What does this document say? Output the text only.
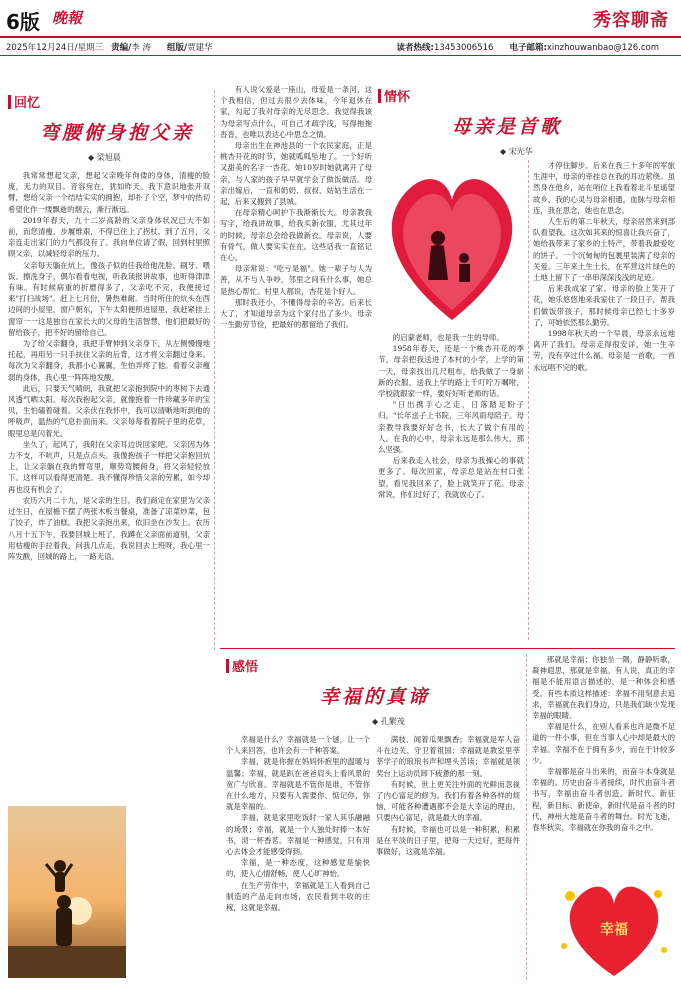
6版 晚報	秀容聊斋
2025年12月24日/星期三 责编/李 涛	组版/贾建华	读者热线:13453006516	电子邮箱:xinzhouwanbao@126.com
回忆
弯腰俯身抱父亲
◆ 梁旭晨

我常常想起父亲，想起父亲晚年佝偻的身体，清瘦的脸庞，无力的双目。音容宛在，犹如昨天。我下意识地张开双臂，想给父亲一个结结实实的拥抱，却扑了个空，梦中的热切希望化作一缕飘逝的烟云，渐行渐远。

2019年春天，九十二岁高龄的父亲身体状况已大不如前，而您清瘦，步履维艰，不得已住上了拐杖。到了五月，父亲连走出家门的力气都没有了。我向单位请了假，回到村里照顾父亲，以减轻母亲的压力。

父亲每天躺在炕上，像孩子似的任我给他洗脸、刷牙、喂饭、擦洗身子，偶尔看看电视，听我读报讲故事，也听得津津有味。有时候病重的折磨得多了，父亲吃不完，我便接过来"打扫战场"。赶上七月份，暑热难耐。当时所住的炕头在西边间的小屋里，窗户朝东，下午太阳便照进屋里，我赶紧挂上窗帘一一这是独自在家长大的父母的生活智慧，他们把最好的留给孩子，把不好的留给自己。

为了给父亲翻身，我把手臂伸到父亲身下，从左侧慢慢地托起，再用另一只手扶住父亲的后背，这才将父亲翻过身来。每次为父亲翻身，我都小心翼翼，生怕弄疼了他。看着父亲瘦弱的身体，我心里一阵阵地发酸。

此后，只要天气晴朗，我就把父亲抱到院中的枣树下去通风透气晒太阳。每次我抱起父亲，就像抱着一件珍藏多年的宝贝，生怕磕着碰着。父亲伏在我怀中，我可以清晰地听到他的呼吸声，温热的气息扑面而来。父亲每每看着院子里的花草，眼里总是闪着光。

坐久了，起风了，我附在父亲耳边说回家吧。父亲因为体力不支，不吭声，只是点点头。我像抱孩子一样把父亲抱回炕上，让父亲躺在我的臂弯里，顺势弯腰俯身，将父亲轻轻放下。这样可以看得更清楚。我不懂得珍惜父亲的劳累，如今却再也没有机会了。

农历六月二十九，是父亲的生日。我们商定在家里为父亲过生日，在屋檐下摆了两张木板当餐桌，准备了凉菜炒菜，包了饺子，炸了油糕。我把父亲抱出来，依旧坐在沙发上。农历八月十五下午，我要回城上班了，我蹲在父亲面前道别，父亲用枯瘦的手拉着我，问我几点走，我说回去上班呀，我心里一阵发酸，回城的路上，一路无语。

有人说父爱是一座山，母爱是一条河，这个我相信，但过去很少去体味。今年退休在家，勾起了我对母亲的无尽思念。我觉得我该为母亲写点什么，可自己才疏学浅，写得拖拖沓沓，也唯以表达心中思念之情。

母亲出生在神池县的一个农民家庭，正是桃杏开花的时节，她就呱呱坠地了。一个好听又甜美的名字一杏花。她10岁时她就离开了母亲，与人家的孩子早早就学会了做饭做活。母亲出嫁后，一直和奶奶、叔叔、姑姑生活在一起，后来又搬到了县城。

在母亲精心呵护下我渐渐长大。母亲教我写字，给我讲故事，给我买新衣服，尤其过年的时候，母亲总会给我做新衣。母亲说，人要有骨气，做人要实实在在。这些话我一直铭记在心。

母亲常说："吃亏是福"。她一辈子与人为善，从不与人争吵，邻里之间有什么事，她总是热心帮忙。村里人都说，杏花是个好人。

那时我还小，不懂得母亲的辛苦。后来长大了，才知道母亲为这个家付出了多少。母亲一生勤劳节俭，把最好的都留给了我们。

情怀
母亲是首歌
◆ 宋光华

的启蒙老师，也是我一生的导师。

1958年春天，还是一个桃杏开花的季节，母亲把我送进了本村的小学，上学的第一天，母亲找出几尺粗布，给我做了一身崭新的衣服，送我上学的路上千叮咛万嘱咐，学校就跟家一样，要好好听老师的话。

"日出携手心之走，日落踏足盼子归。"长年送子上书院，三年风雨母陪子。母亲教导我要好好念书，长大了做个有用的人。在我的心中，母亲永远是那么伟大，那么坚强。

后来我走入社会，母亲为我操心的事就更多了。每次回家，母亲总是站在村口张望，看见我回来了，脸上就笑开了花。母亲常说，你们过好了，我就放心了。

才停住脚步。后来在我三十多年的军旅生涯中，母亲的牵挂总在我的耳边萦绕。虽然身在他乡，站在哨位上我看着北斗星遥望故乡，我的心灵与母亲相通，血脉与母亲相连，我在思念，她也在思念。

人生后的第二年秋天，母亲居然来到部队看望我。这次如其来的惊喜让我兴奋了，她给我带来了家乡的土特产，带着我最爱吃的饼子。一个沉甸甸的包裹里装满了母亲的关爱。三年来土生土长，在军营这片绿色的土地上留下了一串串深深浅浅的足迹。

后来我成家了家。母亲的脸上笑开了花，她乐悠悠地来我家住了一段日子，帮我们做饭带孩子，那时候母亲已经七十多岁了，可她依然那么勤劳。

1998年秋天的一个早晨，母亲永远地离开了我们。母亲走得很安详，她一生辛劳，没有享过什么福。母亲是一首歌，一首永远唱不完的歌。

感悟
幸福的真谛
◆ 孔繁茂

幸福是什么？幸福就是一个谜，让一个个人来回答，也许会有一千种答案。

幸福，就是你握在妈妈怀抱里的温暖与温馨；幸福，就是趴在爸爸肩头上看风景的宽广与欣喜。幸福就是不管你是谁，不管你在什么地方，只要有人需要你、惦记你，你就是幸福的。

幸福，就是家里吃饭时一家人其乐融融的场景；幸福，就是一个人独处时捧一本好书，沏一杯香茗。幸福是一种感觉，只有用心去体会才能感受得到。

幸福，是一种态度，这种感觉是愉快的，使人心情舒畅，使人心旷神怡。

在生产劳作中，幸福就是工人看到自己制造的产品走向市场，农民看到丰收的庄稼，这就是幸福。

满枝、闻着瓜果飘香；幸福就是军人奋斗在边关、守卫着祖国；幸福就是教室里莘莘学子的琅琅书声和埋头苦读；幸福就是领奖台上运动员卸下疲惫的那一刻。

有时候，世上更关注外面的光鲜而忽视了内心富足的修为。我们有着各种各样的烦恼，可能各种遭遇都不会是大幸运的理由。只要内心富足，就是最大的幸福。

有时候，幸福也可以是一种积累，积累是在平淡的日子里，把每一天过好，把每件事做好，这就是幸福。

那就是幸福；你独坐一隅，静静听歌，凝神遐思，那就是幸福。有人说，真正的幸福是不能用语言描述的，是一种体会和感受。有些本质这样描述：幸福不用刻意去追求，幸福就在我们身边，只是我们缺少发现幸福的眼睛。

幸福是什么，在别人看来也许是微不足道的一件小事，但在当事人心中却是最大的幸福。幸福不在于拥有多少，而在于计较多少。

幸福都是奋斗出来的，而奋斗本身就是幸福的。历史由奋斗者接续，时代由奋斗者书写，幸福由奋斗者创造。新时代、新征程，新目标、新使命，新时代是奋斗者的时代，神州大地是奋斗者的舞台。时光飞逝，春华秋实，幸福就在你我的奋斗之中。

幸福
